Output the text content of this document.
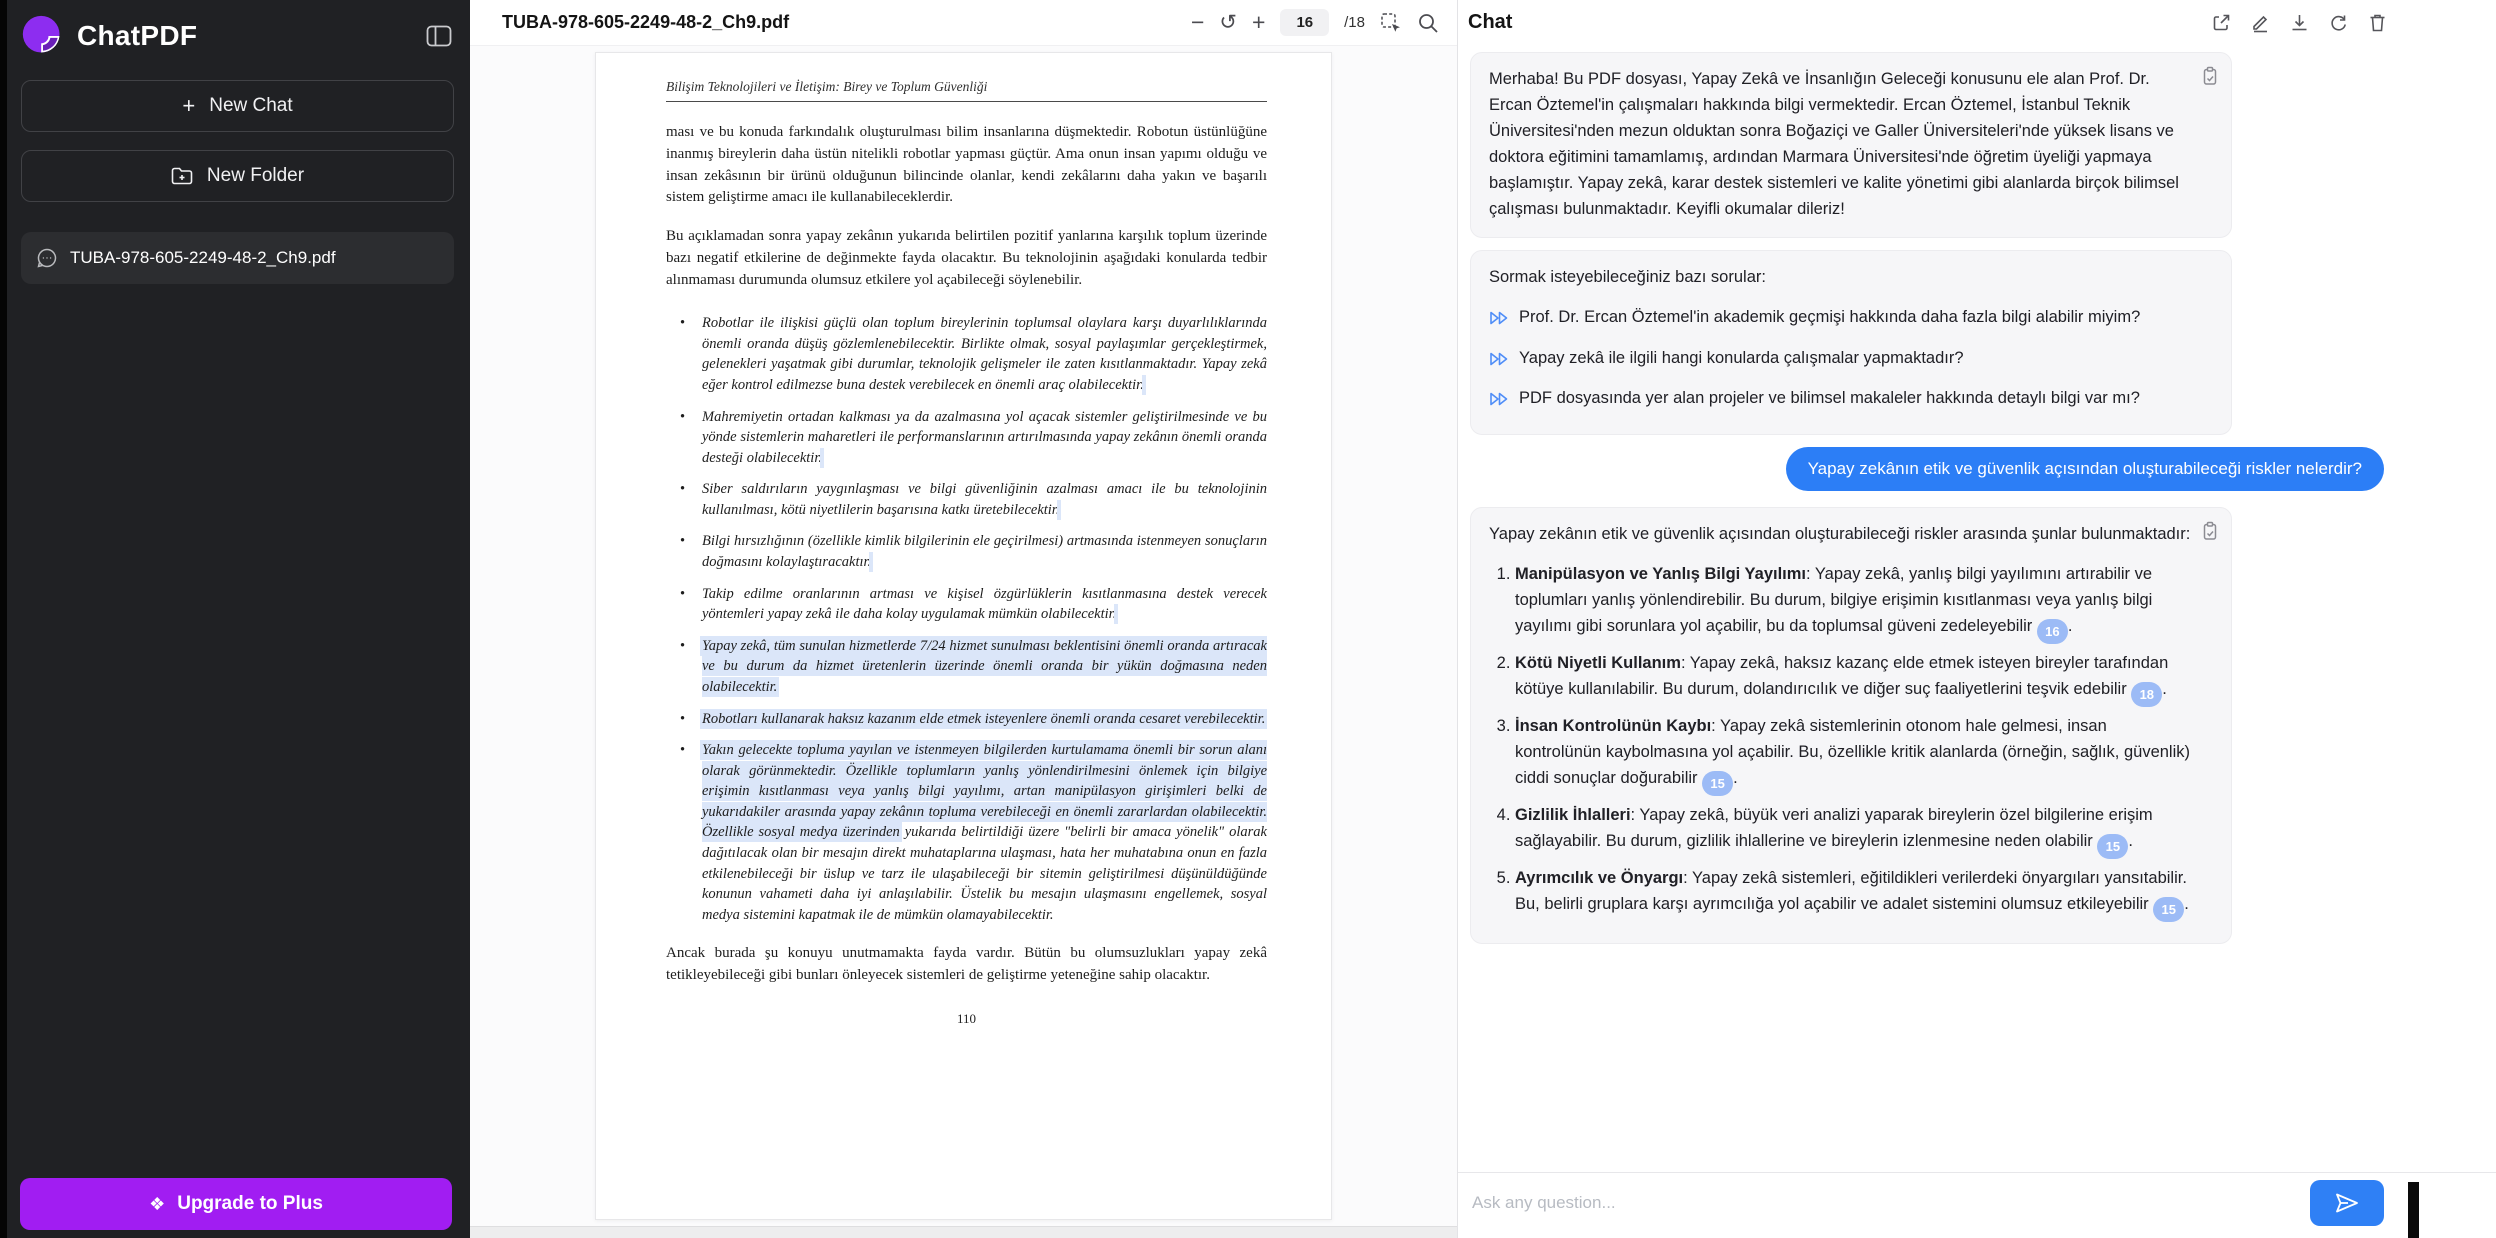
ChatPDF
+ New Chat
New Folder
TUBA-978-605-2249-48-2_Ch9.pdf
❖ Upgrade to Plus
TUBA-978-605-2249-48-2_Ch9.pdf	− ↺ +	16	/18
Bilişim Teknolojileri ve İletişim: Birey ve Toplum Güvenliği

ması ve bu konuda farkındalık oluşturulması bilim insanlarına düşmektedir. Robotun üstünlüğüne inanmış bireylerin daha üstün nitelikli robotlar yapması güçtür. Ama onun insan yapımı olduğu ve insan zekâsının bir ürünü olduğunun bilincinde olanlar, kendi zekâlarını daha yakın ve başarılı sistem geliştirme amacı ile kullanabileceklerdir.

Bu açıklamadan sonra yapay zekânın yukarıda belirtilen pozitif yanlarına karşılık toplum üzerinde bazı negatif etkilerine de değinmekte fayda olacaktır. Bu teknolojinin aşağıdaki konularda tedbir alınmaması durumunda olumsuz etkilere yol açabileceği söylenebilir.

• Robotlar ile ilişkisi güçlü olan toplum bireylerinin toplumsal olaylara karşı duyarlılıklarında önemli oranda düşüş gözlemlenebilecektir. Birlikte olmak, sosyal paylaşımlar gerçekleştirmek, gelenekleri yaşatmak gibi durumlar, teknolojik gelişmeler ile zaten kısıtlanmaktadır. Yapay zekâ eğer kontrol edilmezse buna destek verebilecek en önemli araç olabilecektir.
• Mahremiyetin ortadan kalkması ya da azalmasına yol açacak sistemler geliştirilmesinde ve bu yönde sistemlerin maharetleri ile performanslarının artırılmasında yapay zekânın önemli oranda desteği olabilecektir.
• Siber saldırıların yaygınlaşması ve bilgi güvenliğinin azalması amacı ile bu teknolojinin kullanılması, kötü niyetlilerin başarısına katkı üretebilecektir.
• Bilgi hırsızlığının (özellikle kimlik bilgilerinin ele geçirilmesi) artmasında istenmeyen sonuçların doğmasını kolaylaştıracaktır.
• Takip edilme oranlarının artması ve kişisel özgürlüklerin kısıtlanmasına destek verecek yöntemleri yapay zekâ ile daha kolay uygulamak mümkün olabilecektir.
• Yapay zekâ, tüm sunulan hizmetlerde 7/24 hizmet sunulması beklentisini önemli oranda artıracak ve bu durum da hizmet üretenlerin üzerinde önemli oranda bir yükün doğmasına neden olabilecektir.
• Robotları kullanarak haksız kazanım elde etmek isteyenlere önemli oranda cesaret verebilecektir.
• Yakın gelecekte topluma yayılan ve istenmeyen bilgilerden kurtulamama önemli bir sorun alanı olarak görünmektedir. Özellikle toplumların yanlış yönlendirilmesini önlemek için bilgiye erişimin kısıtlanması veya yanlış bilgi yayılımı, artan manipülasyon girişimleri belki de yukarıdakiler arasında yapay zekânın topluma verebileceği en önemli zararlardan olabilecektir. Özellikle sosyal medya üzerinden yukarıda belirtildiği üzere "belirli bir amaca yönelik" olarak dağıtılacak olan bir mesajın direkt muhataplarına ulaşması, hata her muhatabına onun en fazla etkilenebileceği bir üslup ve tarz ile ulaşabileceği bir sitemin geliştirilmesi düşünüldüğünde konunun vahameti daha iyi anlaşılabilir. Üstelik bu mesajın ulaşmasını engellemek, sosyal medya sistemini kapatmak ile de mümkün olamayabilecektir.

Ancak burada şu konuyu unutmamakta fayda vardır. Bütün bu olumsuzlukları yapay zekâ tetikleyebileceği gibi bunları önleyecek sistemleri de geliştirme yeteneğine sahip olacaktır.

110
Chat
Merhaba! Bu PDF dosyası, Yapay Zekâ ve İnsanlığın Geleceği konusunu ele alan Prof. Dr. Ercan Öztemel'in çalışmaları hakkında bilgi vermektedir. Ercan Öztemel, İstanbul Teknik Üniversitesi'nden mezun olduktan sonra Boğaziçi ve Galler Üniversiteleri'nde yüksek lisans ve doktora eğitimini tamamlamış, ardından Marmara Üniversitesi'nde öğretim üyeliği yapmaya başlamıştır. Yapay zekâ, karar destek sistemleri ve kalite yönetimi gibi alanlarda birçok bilimsel çalışması bulunmaktadır. Keyifli okumalar dileriz!

Sormak isteyebileceğiniz bazı sorular:

Prof. Dr. Ercan Öztemel'in akademik geçmişi hakkında daha fazla bilgi alabilir miyim?
Yapay zekâ ile ilgili hangi konularda çalışmalar yapmaktadır?
PDF dosyasında yer alan projeler ve bilimsel makaleler hakkında detaylı bilgi var mı?
Yapay zekânın etik ve güvenlik açısından oluşturabileceği riskler nelerdir?

Yapay zekânın etik ve güvenlik açısından oluşturabileceği riskler arasında şunlar bulunmaktadır:

1. Manipülasyon ve Yanlış Bilgi Yayılımı: Yapay zekâ, yanlış bilgi yayılımını artırabilir ve toplumları yanlış yönlendirebilir. Bu durum, bilgiye erişimin kısıtlanması veya yanlış bilgi yayılımı gibi sorunlara yol açabilir, bu da toplumsal güveni zedeleyebilir 16 .
2. Kötü Niyetli Kullanım: Yapay zekâ, haksız kazanç elde etmek isteyen bireyler tarafından kötüye kullanılabilir. Bu durum, dolandırıcılık ve diğer suç faaliyetlerini teşvik edebilir 18 .
3. İnsan Kontrolünün Kaybı: Yapay zekâ sistemlerinin otonom hale gelmesi, insan kontrolünün kaybolmasına yol açabilir. Bu, özellikle kritik alanlarda (örneğin, sağlık, güvenlik) ciddi sonuçlar doğurabilir 15 .
4. Gizlilik İhlalleri: Yapay zekâ, büyük veri analizi yaparak bireylerin özel bilgilerine erişim sağlayabilir. Bu durum, gizlilik ihlallerine ve bireylerin izlenmesine neden olabilir 15 .
5. Ayrımcılık ve Önyargı: Yapay zekâ sistemleri, eğitildikleri verilerdeki önyargıları yansıtabilir. Bu, belirli gruplara karşı ayrımcılığa yol açabilir ve adalet sistemini olumsuz etkileyebilir 15 .
Ask any question...
